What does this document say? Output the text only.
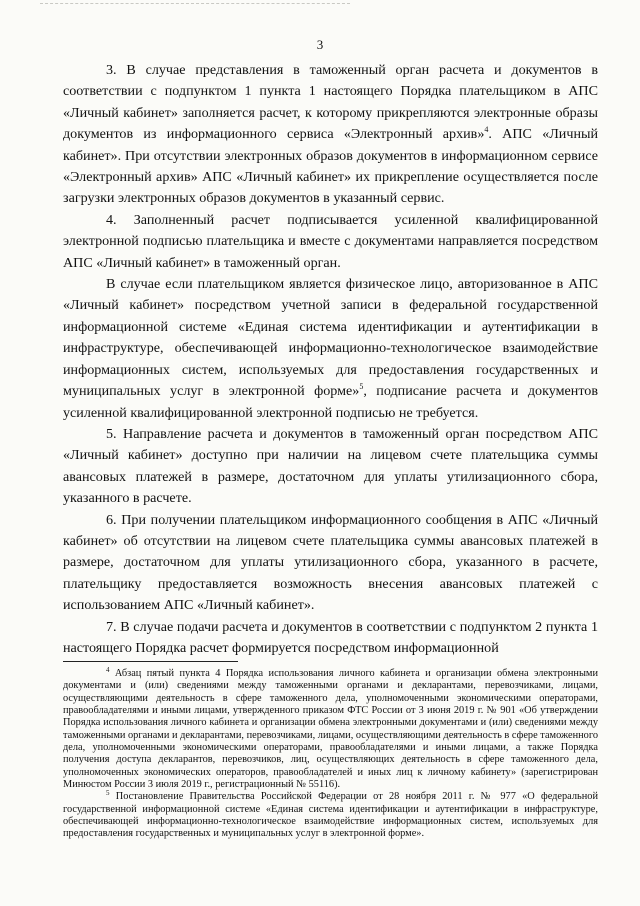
3

3. В случае представления в таможенный орган расчета и документов в соответствии с подпунктом 1 пункта 1 настоящего Порядка плательщиком в АПС «Личный кабинет» заполняется расчет, к которому прикрепляются электронные образы документов из информационного сервиса «Электронный архив»$^4$. АПС «Личный кабинет». При отсутствии электронных образов документов в информационном сервисе «Электронный архив» АПС «Личный кабинет» их прикрепление осуществляется после загрузки электронных образов документов в указанный сервис.

4. Заполненный расчет подписывается усиленной квалифицированной электронной подписью плательщика и вместе с документами направляется посредством АПС «Личный кабинет» в таможенный орган.

В случае если плательщиком является физическое лицо, авторизованное в АПС «Личный кабинет» посредством учетной записи в федеральной государственной информационной системе «Единая система идентификации и аутентификации в инфраструктуре, обеспечивающей информационно-технологическое взаимодействие информационных систем, используемых для предоставления государственных и муниципальных услуг в электронной форме»$^5$, подписание расчета и документов усиленной квалифицированной электронной подписью не требуется.

5. Направление расчета и документов в таможенный орган посредством АПС «Личный кабинет» доступно при наличии на лицевом счете плательщика суммы авансовых платежей в размере, достаточном для уплаты утилизационного сбора, указанного в расчете.

6. При получении плательщиком информационного сообщения в АПС «Личный кабинет» об отсутствии на лицевом счете плательщика суммы авансовых платежей в размере, достаточном для уплаты утилизационного сбора, указанного в расчете, плательщику предоставляется возможность внесения авансовых платежей с использованием АПС «Личный кабинет».

7. В случае подачи расчета и документов в соответствии с подпунктом 2 пункта 1 настоящего Порядка расчет формируется посредством информационной

$^4$ Абзац пятый пункта 4 Порядка использования личного кабинета и организации обмена электронными документами и (или) сведениями между таможенными органами и декларантами, перевозчиками, лицами, осуществляющими деятельность в сфере таможенного дела, уполномоченными экономическими операторами, правообладателями и иными лицами, утвержденного приказом ФТС России от 3 июня 2019 г. № 901 «Об утверждении Порядка использования личного кабинета и организации обмена электронными документами и (или) сведениями между таможенными органами и декларантами, перевозчиками, лицами, осуществляющими деятельность в сфере таможенного дела, уполномоченными экономическими операторами, правообладателями и иными лицами, а также Порядка получения доступа декларантов, перевозчиков, лиц, осуществляющих деятельность в сфере таможенного дела, уполномоченных экономических операторов, правообладателей и иных лиц к личному кабинету» (зарегистрирован Минюстом России 3 июля 2019 г., регистрационный № 55116).

$^5$ Постановление Правительства Российской Федерации от 28 ноября 2011 г. № 977 «О федеральной государственной информационной системе «Единая система идентификации и аутентификации в инфраструктуре, обеспечивающей информационно-технологическое взаимодействие информационных систем, используемых для предоставления государственных и муниципальных услуг в электронной форме».
